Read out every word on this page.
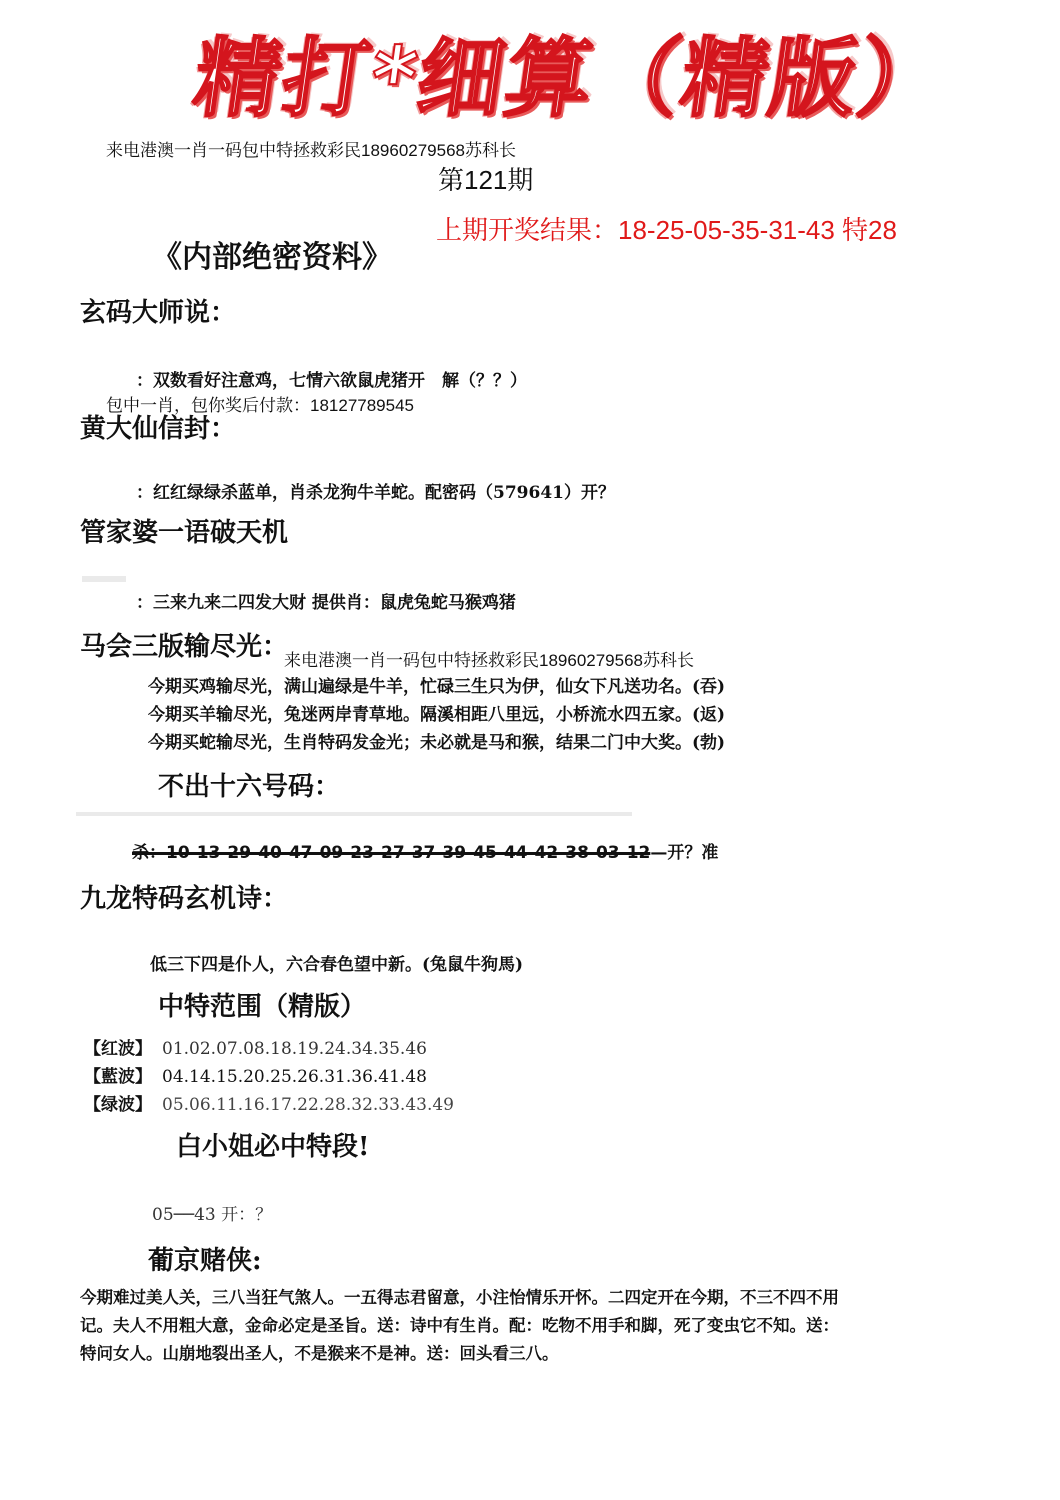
精打*细算（精版）
来电港澳一肖一码包中特拯救彩民18960279568苏科长
第121期
上期开奖结果：18-25-05-35-31-43 特28
《内部绝密资料》
玄码大师说：
：双数看好注意鸡，七情六欲鼠虎猪开　解（？？）
包中一肖，包你奖后付款：18127789545
黄大仙信封：
：红红绿绿杀蓝单，肖杀龙狗牛羊蛇。配密码（579641）开？
管家婆一语破天机
：三来九来二四发大财 提供肖：鼠虎兔蛇马猴鸡猪
马会三版输尽光：
来电港澳一肖一码包中特拯救彩民18960279568苏科长
今期买鸡输尽光，满山遍绿是牛羊，忙碌三生只为伊，仙女下凡送功名。(吞)
今期买羊输尽光，兔迷两岸青草地。隔溪相距八里远，小桥流水四五家。(返)
今期买蛇输尽光，生肖特码发金光；未必就是马和猴，结果二门中大奖。(勃)
不出十六号码：
杀：10-13-29-40-47-09-23-27-37-39-45-44-42-38-03-12—开？准
九龙特码玄机诗：
低三下四是仆人，六合春色望中新。(兔鼠牛狗馬)
中特范围（精版）
【红波】 01.02.07.08.18.19.24.34.35.46
【藍波】 04.14.15.20.25.26.31.36.41.48
【绿波】 05.06.11.16.17.22.28.32.33.43.49
白小姐必中特段!
05──43 开：？
葡京赌侠:
今期难过美人关，三八当狂气煞人。一五得志君留意，小注怡情乐开怀。二四定开在今期，不三不四不用
记。夫人不用粗大意，金命必定是圣旨。送：诗中有生肖。配：吃物不用手和脚，死了变虫它不知。送：
特问女人。山崩地裂出圣人，不是猴来不是神。送：回头看三八。
